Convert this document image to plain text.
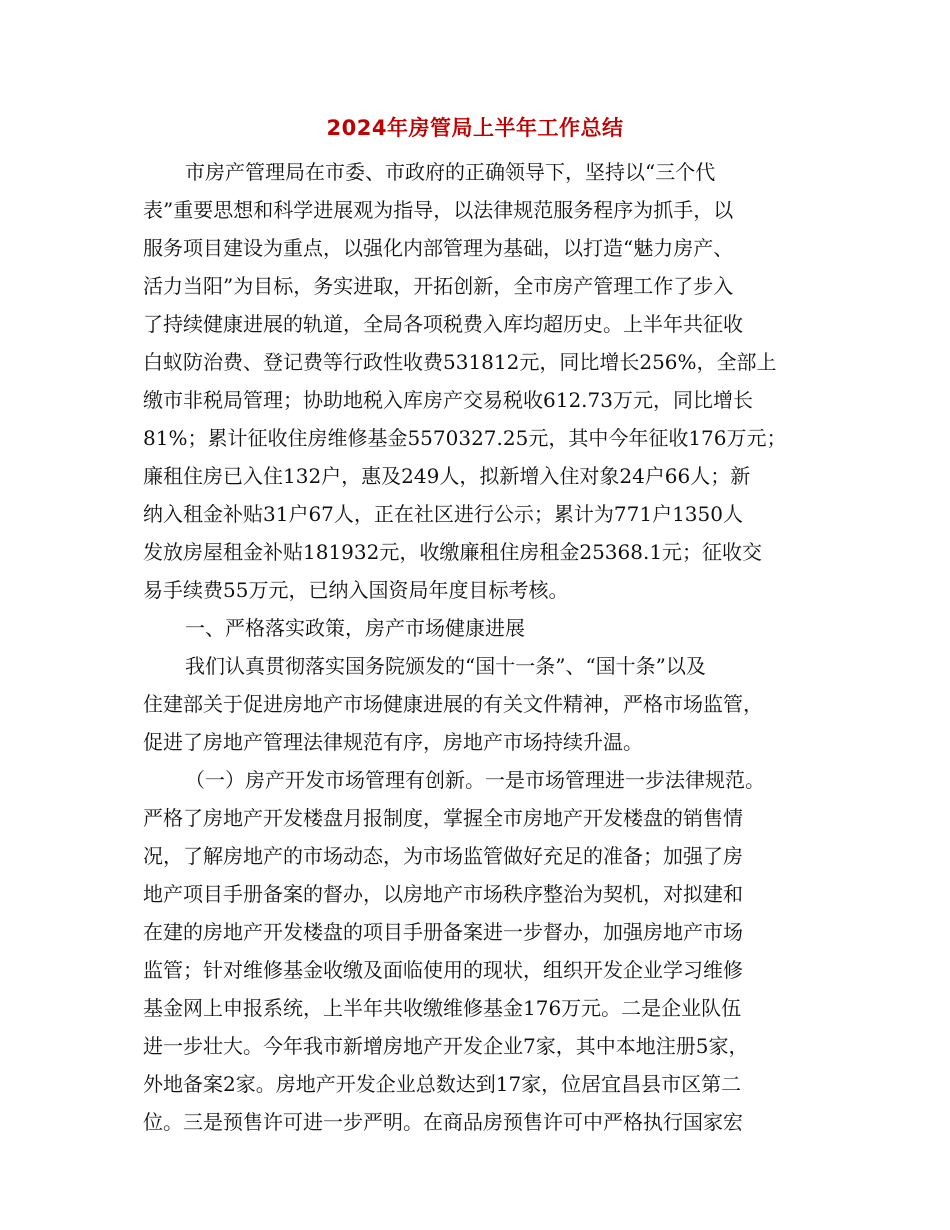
2024年房管局上半年工作总结
市房产管理局在市委、市政府的正确领导下，坚持以“三个代
表”重要思想和科学进展观为指导，以法律规范服务程序为抓手，以
服务项目建设为重点，以强化内部管理为基础，以打造“魅力房产、
活力当阳”为目标，务实进取，开拓创新，全市房产管理工作了步入
了持续健康进展的轨道，全局各项税费入库均超历史。上半年共征收
白蚁防治费、登记费等行政性收费531812元，同比增长256%，全部上
缴市非税局管理；协助地税入库房产交易税收612.73万元，同比增长
81%；累计征收住房维修基金5570327.25元，其中今年征收176万元；
廉租住房已入住132户，惠及249人，拟新增入住对象24户66人；新
纳入租金补贴31户67人，正在社区进行公示；累计为771户1350人
发放房屋租金补贴181932元，收缴廉租住房租金25368.1元；征收交
易手续费55万元，已纳入国资局年度目标考核。
一、严格落实政策，房产市场健康进展
我们认真贯彻落实国务院颁发的“国十一条”、“国十条”以及
住建部关于促进房地产市场健康进展的有关文件精神，严格市场监管，
促进了房地产管理法律规范有序，房地产市场持续升温。
（一）房产开发市场管理有创新。一是市场管理进一步法律规范。
严格了房地产开发楼盘月报制度，掌握全市房地产开发楼盘的销售情
况，了解房地产的市场动态，为市场监管做好充足的准备；加强了房
地产项目手册备案的督办，以房地产市场秩序整治为契机，对拟建和
在建的房地产开发楼盘的项目手册备案进一步督办，加强房地产市场
监管；针对维修基金收缴及面临使用的现状，组织开发企业学习维修
基金网上申报系统，上半年共收缴维修基金176万元。二是企业队伍
进一步壮大。今年我市新增房地产开发企业7家，其中本地注册5家，
外地备案2家。房地产开发企业总数达到17家，位居宜昌县市区第二
位。三是预售许可进一步严明。在商品房预售许可中严格执行国家宏
